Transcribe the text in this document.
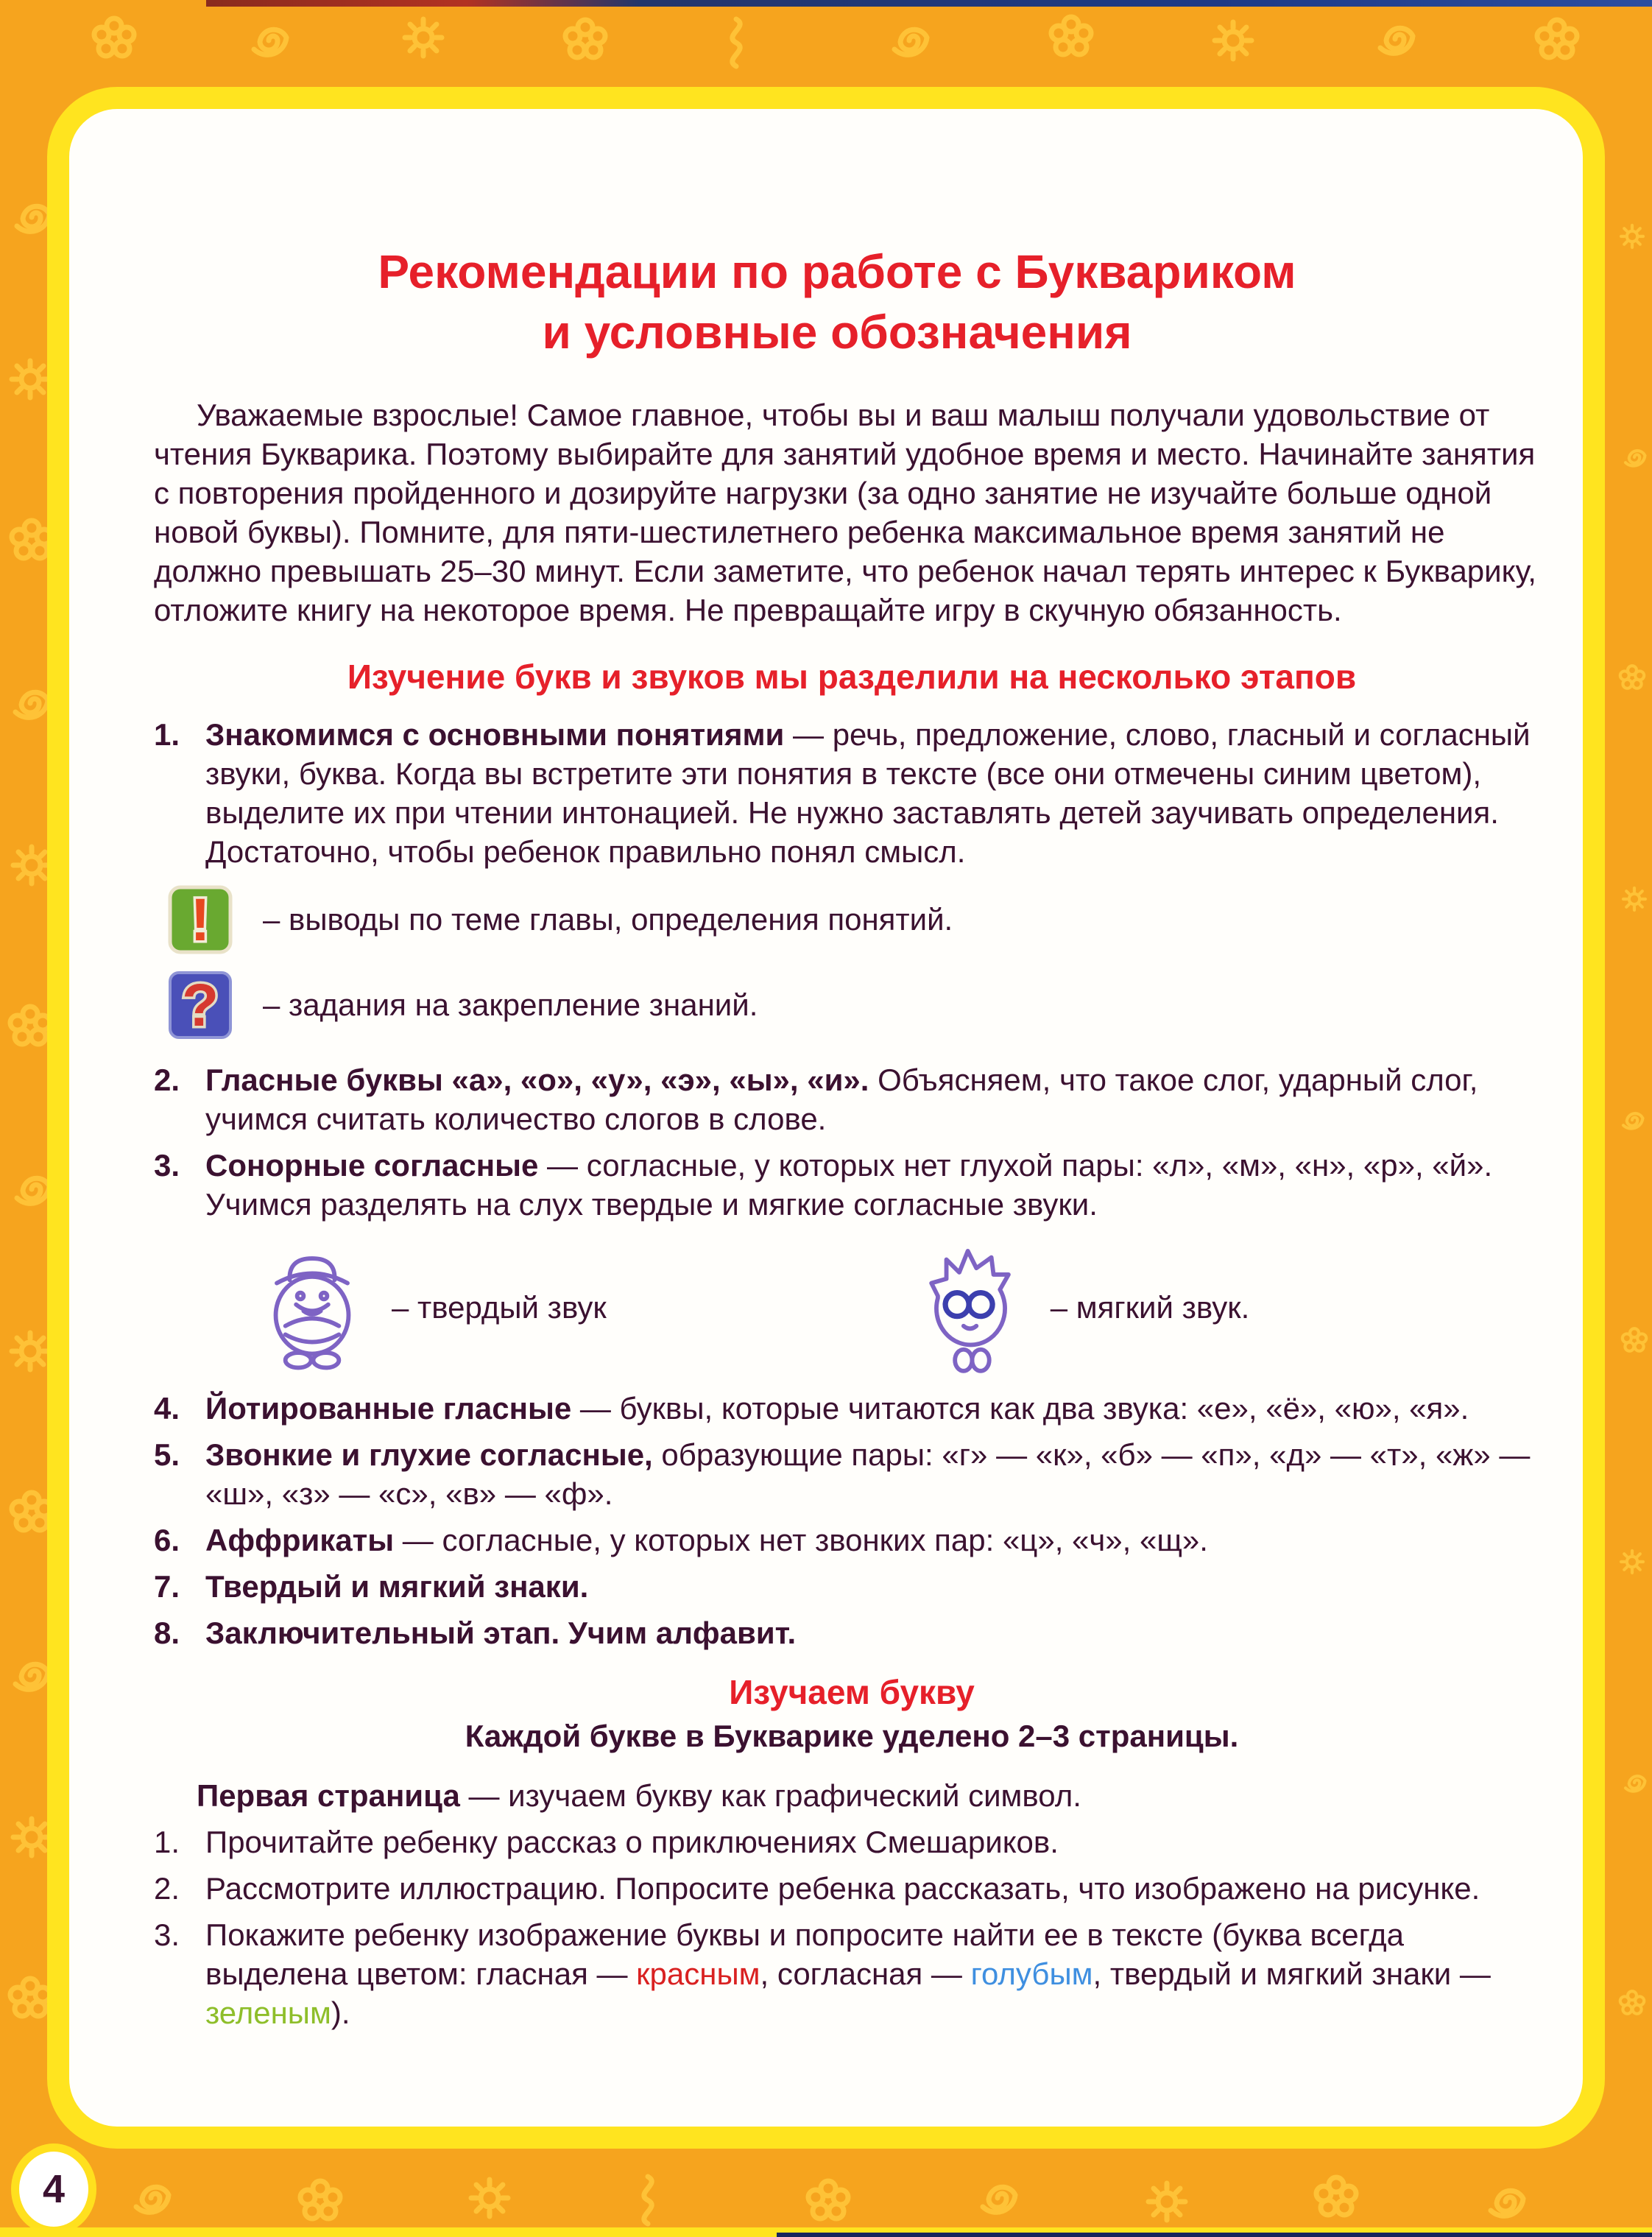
Рекомендации по работе с Буквариком
и условные обозначения

Уважаемые взрослые! Самое главное, чтобы вы и ваш малыш получали удовольствие от чтения Букварика. Поэтому выбирайте для занятий удобное время и место. Начинайте занятия с повторения пройденного и дозируйте нагрузки (за одно занятие не изучайте больше одной новой буквы). Помните, для пяти-шестилетнего ребенка максимальное время занятий не должно превышать 25–30 минут. Если заметите, что ребенок начал терять интерес к Букварику, отложите книгу на некоторое время. Не превращайте игру в скучную обязанность.

Изучение букв и звуков мы разделили на несколько этапов
1. Знакомимся с основными понятиями — речь, предложение, слово, гласный и согласный звуки, буква. Когда вы встретите эти понятия в тексте (все они отмечены синим цветом), выделите их при чтении интонацией. Не нужно заставлять детей заучивать определения. Достаточно, чтобы ребенок правильно понял смысл.
! – выводы по теме главы, определения понятий.
? – задания на закрепление знаний.
2. Гласные буквы «а», «о», «у», «э», «ы», «и». Объясняем, что такое слог, ударный слог, учимся считать количество слогов в слове.
3. Сонорные согласные — согласные, у которых нет глухой пары: «л», «м», «н», «р», «й». Учимся разделять на слух твердые и мягкие согласные звуки.
– твердый звук	– мягкий звук.
4. Йотированные гласные — буквы, которые читаются как два звука: «е», «ё», «ю», «я».
5. Звонкие и глухие согласные, образующие пары: «г» — «к», «б» — «п», «д» — «т», «ж» — «ш», «з» — «с», «в» — «ф».
6. Аффрикаты — согласные, у которых нет звонких пар: «ц», «ч», «щ».
7. Твердый и мягкий знаки.
8. Заключительный этап. Учим алфавит.
Изучаем букву
Каждой букве в Букварике уделено 2–3 страницы.

Первая страница — изучаем букву как графический символ.

1. Прочитайте ребенку рассказ о приключениях Смешариков.
2. Рассмотрите иллюстрацию. Попросите ребенка рассказать, что изображено на рисунке.
3. Покажите ребенку изображение буквы и попросите найти ее в тексте (буква всегда выделена цветом: гласная — красным, согласная — голубым, твердый и мягкий знаки — зеленым).
4
